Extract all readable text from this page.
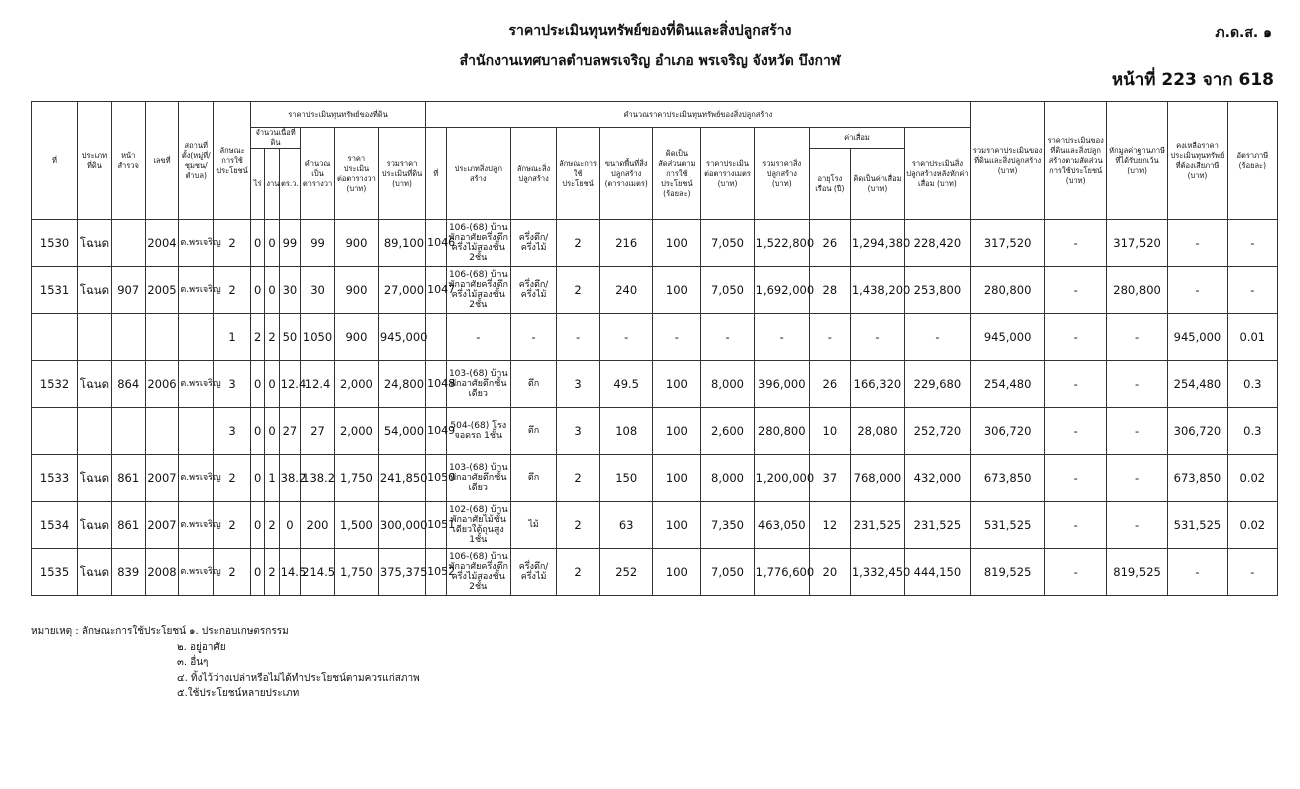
ราคาประเมินทุนทรัพย์ของที่ดินและสิ่งปลูกสร้าง
สำนักงานเทศบาลตำบลพรเจริญ อำเภอ พรเจริญ จังหวัด บึงกาฬ
ภ.ด.ส. ๑
หน้าที่ 223 จาก 618
ที่	ประเภทที่ดิน	หน้าสำรวจ	เลขที่	สถานที่ตั้ง(หมู่ที่/ชุมชน/ตำบล)	ลักษณะการใช้ประโยชน์	ราคาประเมินทุนทรัพย์ของที่ดิน						คำนวณราคาประเมินทุนทรัพย์ของสิ่งปลูกสร้าง											รวมราคาประเมินของที่ดินและสิ่งปลูกสร้าง (บาท)	ราคาประเมินของที่ดินและสิ่งปลูกสร้างตามสัดส่วนการใช้ประโยชน์ (บาท)	หักมูลค่าฐานภาษีที่ได้รับยกเว้น (บาท)	คงเหลือราคาประเมินทุนทรัพย์ที่ต้องเสียภาษี (บาท)	อัตราภาษี (ร้อยละ)
						จำนวนเนื้อที่ดิน			คำนวณเป็นตารางวา	ราคาประเมินต่อตารางวา (บาท)	รวมราคาประเมินที่ดิน (บาท)	ที่	ประเภทสิ่งปลูกสร้าง	ลักษณะสิ่งปลูกสร้าง	ลักษณะการใช้ประโยชน์	ขนาดพื้นที่สิ่งปลูกสร้าง (ตารางเมตร)	คิดเป็นสัดส่วนตามการใช้ประโยชน์ (ร้อยละ)	ราคาประเมินต่อตารางเมตร (บาท)	รวมราคาสิ่งปลูกสร้าง (บาท)	ค่าเสื่อม		ราคาประเมินสิ่งปลูกสร้างหลังหักค่าเสื่อม (บาท)					
						ไร่	งาน	ตร.ว.												อายุโรงเรือน (ปี)	คิดเป็นค่าเสื่อม (บาท)						
1530	โฉนด		2004	ต.พรเจริญ	2	0	0	99	99	900	89,100	1046	106-(68) บ้านพักอาศัยครึ่งตึกครึ่งไม้สองชั้น 2ชั้น	ครึ่งตึก/ครึ่งไม้	2	216	100	7,050	1,522,800	26	1,294,380	228,420	317,520	-	317,520	-	-
1531	โฉนด	907	2005	ต.พรเจริญ	2	0	0	30	30	900	27,000	1047	106-(68) บ้านพักอาศัยครึ่งตึกครึ่งไม้สองชั้น 2ชั้น	ครึ่งตึก/ครึ่งไม้	2	240	100	7,050	1,692,000	28	1,438,200	253,800	280,800	-	280,800	-	-
					1	2	2	50	1050	900	945,000		-	-	-	-	-	-	-	-	-	-	945,000	-	-	945,000	0.01
1532	โฉนด	864	2006	ต.พรเจริญ	3	0	0	12.4	12.4	2,000	24,800	1048	103-(68) บ้านพักอาศัยตึกชั้นเดียว	ตึก	3	49.5	100	8,000	396,000	26	166,320	229,680	254,480	-	-	254,480	0.3
					3	0	0	27	27	2,000	54,000	1049	504-(68) โรงจอดรถ 1ชั้น	ตึก	3	108	100	2,600	280,800	10	28,080	252,720	306,720	-	-	306,720	0.3
1533	โฉนด	861	2007	ต.พรเจริญ	2	0	1	38.2	138.2	1,750	241,850	1050	103-(68) บ้านพักอาศัยตึกชั้นเดียว	ตึก	2	150	100	8,000	1,200,000	37	768,000	432,000	673,850	-	-	673,850	0.02
1534	โฉนด	861	2007	ต.พรเจริญ	2	0	2	0	200	1,500	300,000	1051	102-(68) บ้านพักอาศัยไม้ชั้นเดียวใต้ถุนสูง 1ชั้น	ไม้	2	63	100	7,350	463,050	12	231,525	231,525	531,525	-	-	531,525	0.02
1535	โฉนด	839	2008	ต.พรเจริญ	2	0	2	14.5	214.5	1,750	375,375	1052	106-(68) บ้านพักอาศัยครึ่งตึกครึ่งไม้สองชั้น 2ชั้น	ครึ่งตึก/ครึ่งไม้	2	252	100	7,050	1,776,600	20	1,332,450	444,150	819,525	-	819,525	-	-
หมายเหตุ : ลักษณะการใช้ประโยชน์ ๑. ประกอบเกษตรกรรม
๒. อยู่อาศัย
๓. อื่นๆ
๔. ทิ้งไว้ว่างเปล่าหรือไม่ได้ทำประโยชน์ตามควรแก่สภาพ
๕.ใช้ประโยชน์หลายประเภท
